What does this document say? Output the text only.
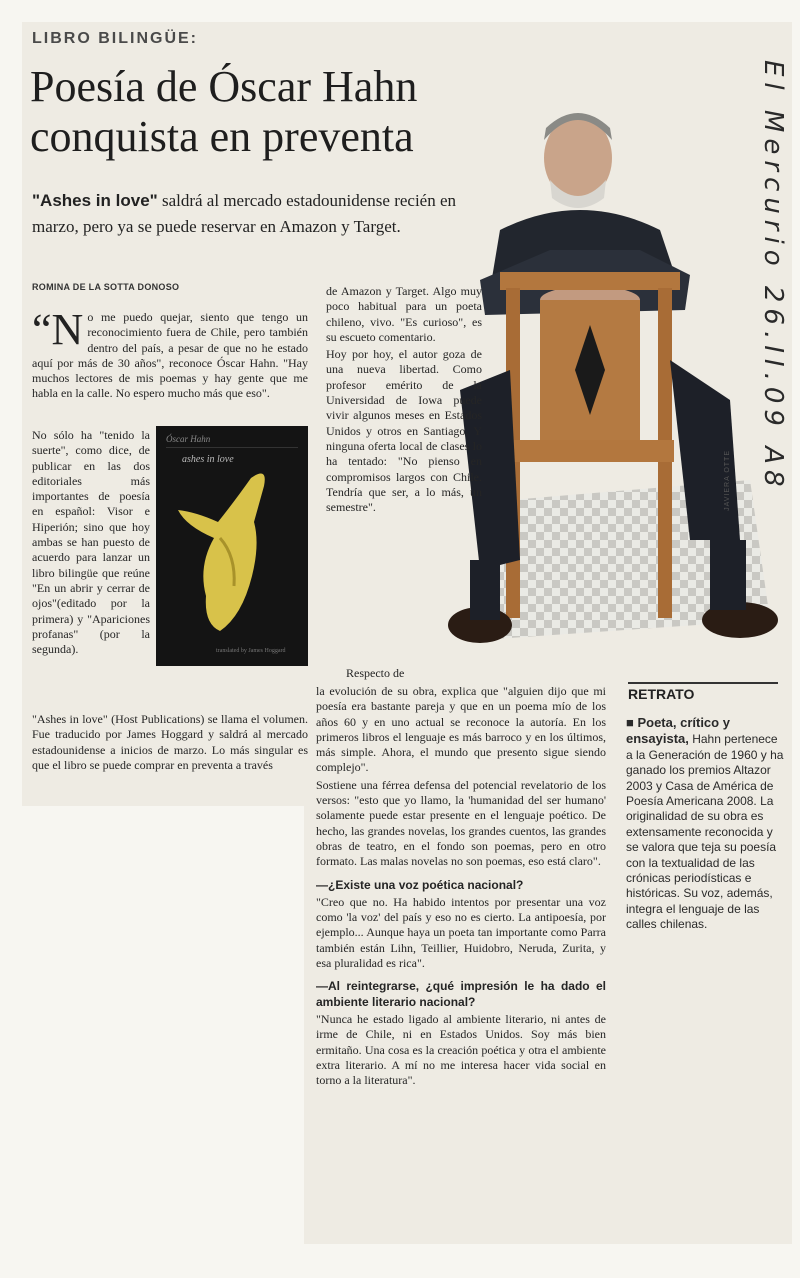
LIBRO BILINGÜE:
Poesía de Óscar Hahn conquista en preventa
"Ashes in love" saldrá al mercado estadounidense recién en marzo, pero ya se puede reservar en Amazon y Target.
ROMINA DE LA SOTTA DONOSO
JAVIERA OTTE	El Mercurio 26.II.09 A8

“No me puedo quejar, siento que tengo un reconocimiento fuera de Chile, pero también dentro del país, a pesar de que no he estado aquí por más de 30 años", reconoce Óscar Hahn. "Hay muchos lectores de mis poemas y hay gente que me habla en la calle. No espero mucho más que eso".

No sólo ha "tenido la suerte", como dice, de publicar en las dos editoriales más importantes de poesía en español: Visor e Hiperión; sino que hoy ambas se han puesto de acuerdo para lanzar un libro bilingüe que reúne "En un abrir y cerrar de ojos"(editado por la primera) y "Apariciones profanas" (por la segunda).

"Ashes in love" (Host Publications) se llama el volumen. Fue traducido por James Hoggard y saldrá al mercado estadounidense a inicios de marzo. Lo más singular es que el libro se puede comprar en preventa a través

Óscar Hahn
ashes in love
translated by James Hoggard

de Amazon y Target. Algo muy poco habitual para un poeta chileno, vivo. "Es curioso", es su escueto comentario.

Hoy por hoy, el autor goza de una nueva libertad. Como profesor emérito de la Universidad de Iowa puede vivir algunos meses en Estados Unidos y otros en Santiago. Y ninguna oferta local de clases lo ha tentado: "No pienso en compromisos largos con Chile. Tendría que ser, a lo más, un semestre".

Respecto de

la evolución de su obra, explica que "alguien dijo que mi poesía era bastante pareja y que en un poema mío de los años 60 y en uno actual se reconoce la autoría. En los primeros libros el lenguaje es más barroco y en los últimos, más simple. Ahora, el mundo que presento sigue siendo complejo".

Sostiene una férrea defensa del potencial revelatorio de los versos: "esto que yo llamo, la 'humanidad del ser humano' solamente puede estar presente en el lenguaje poético. De hecho, las grandes novelas, los grandes cuentos, las grandes obras de teatro, en el fondo son poemas, pero en otro formato. Las malas novelas no son poemas, eso está claro".

—¿Existe una voz poética nacional?

"Creo que no. Ha habido intentos por presentar una voz como 'la voz' del país y eso no es cierto. La antipoesía, por ejemplo... Aunque haya un poeta tan importante como Parra también están Lihn, Teillier, Huidobro, Neruda, Zurita, y esa pluralidad es rica".

—Al reintegrarse, ¿qué impresión le ha dado el ambiente literario nacional?

"Nunca he estado ligado al ambiente literario, ni antes de irme de Chile, ni en Estados Unidos. Soy más bien ermitaño. Una cosa es la creación poética y otra el ambiente extra literario. A mí no me interesa hacer vida social en torno a la literatura".

RETRATO
■ Poeta, crítico y ensayista, Hahn pertenece a la Generación de 1960 y ha ganado los premios Altazor 2003 y Casa de América de Poesía Americana 2008. La originalidad de su obra es extensamente reconocida y se valora que teja su poesía con la textualidad de las crónicas periodísticas e históricas. Su voz, además, integra el lenguaje de las calles chilenas.
